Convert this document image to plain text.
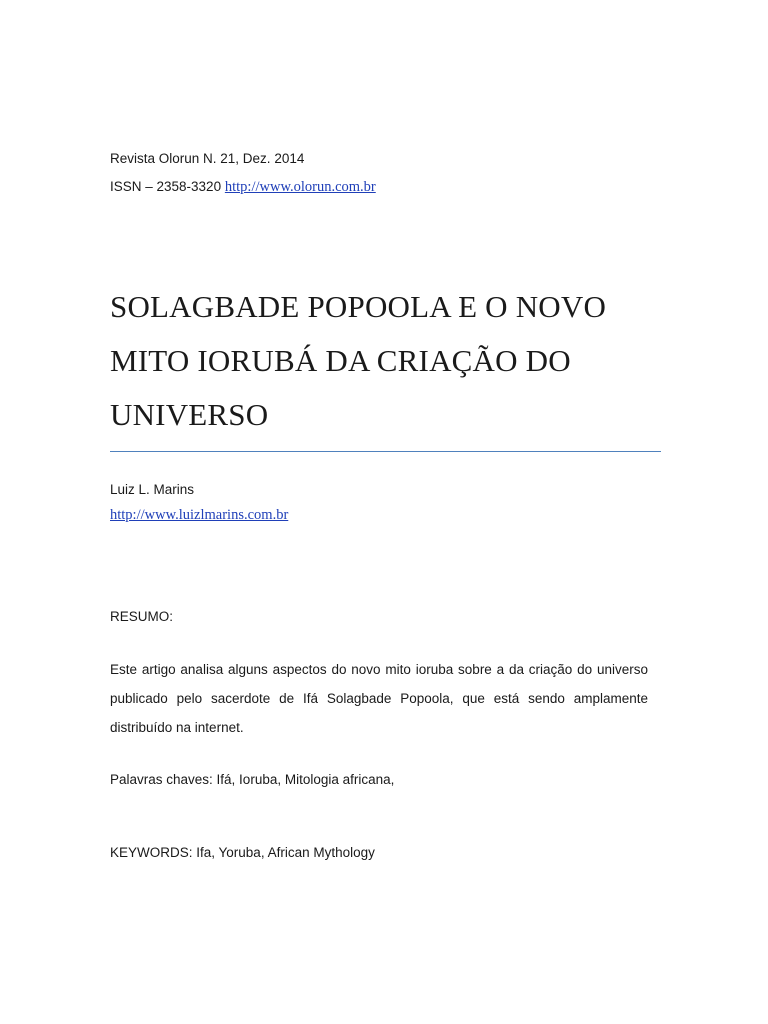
Revista Olorun N. 21, Dez. 2014
ISSN – 2358-3320 http://www.olorun.com.br
SOLAGBADE POPOOLA E O NOVO MITO IORUBÁ DA CRIAÇÃO DO UNIVERSO
Luiz L. Marins
http://www.luizlmarins.com.br
RESUMO:

Este artigo analisa alguns aspectos do novo mito ioruba sobre a da criação do universo publicado pelo sacerdote de Ifá Solagbade Popoola, que está sendo amplamente distribuído na internet.

Palavras chaves: Ifá, Ioruba, Mitologia africana,
KEYWORDS: Ifa, Yoruba, African Mythology
